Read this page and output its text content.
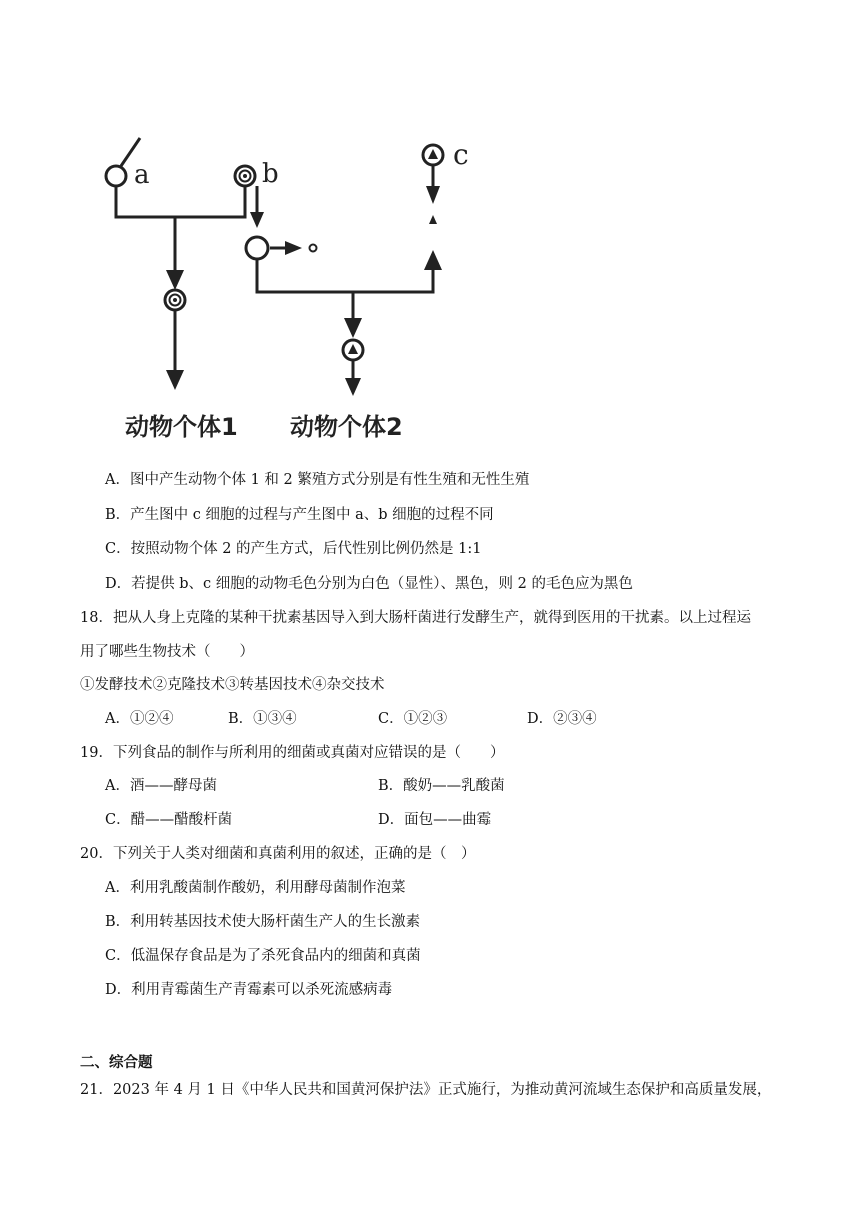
a	b
c
动物个体1 动物个体2
A．图中产生动物个体 1 和 2 繁殖方式分别是有性生殖和无性生殖
B．产生图中 c 细胞的过程与产生图中 a、b 细胞的过程不同
C．按照动物个体 2 的产生方式，后代性别比例仍然是 1:1
D．若提供 b、c 细胞的动物毛色分别为白色（显性）、黑色，则 2 的毛色应为黑色
18．把从人身上克隆的某种干扰素基因导入到大肠杆菌进行发酵生产，就得到医用的干扰素。以上过程运
用了哪些生物技术（　　）
①发酵技术②克隆技术③转基因技术④杂交技术
A．①②④	B．①③④	C．①②③	D．②③④
19．下列食品的制作与所利用的细菌或真菌对应错误的是（　　）
A．酒——酵母菌	B．酸奶——乳酸菌
C．醋——醋酸杆菌	D．面包——曲霉
20．下列关于人类对细菌和真菌利用的叙述，正确的是（　）
A．利用乳酸菌制作酸奶，利用酵母菌制作泡菜
B．利用转基因技术使大肠杆菌生产人的生长激素
C．低温保存食品是为了杀死食品内的细菌和真菌
D．利用青霉菌生产青霉素可以杀死流感病毒
二、综合题
21．2023 年 4 月 1 日《中华人民共和国黄河保护法》正式施行，为推动黄河流域生态保护和高质量发展，
